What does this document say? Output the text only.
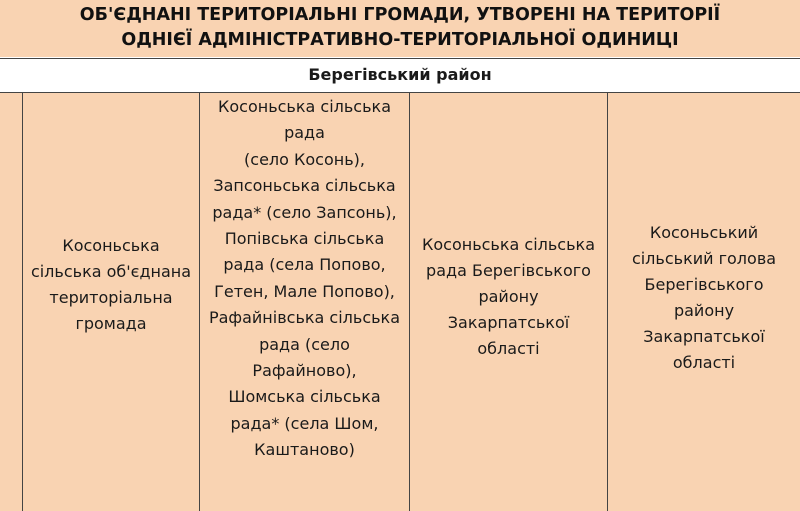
ОБ'ЄДНАНІ ТЕРИТОРІАЛЬНІ ГРОМАДИ, УТВОРЕНІ НА ТЕРИТОРІЇ
ОДНІЄЇ АДМІНІСТРАТИВНО-ТЕРИТОРІАЛЬНОЇ ОДИНИЦІ
Берегівський район
Косоньська сільська об'єднана територіальна громада
Косоньська сільська рада
(село Косонь),
Запсоньська сільська рада* (село Запсонь), Попівська сільська рада (села Попово, Гетен, Мале Попово),
Рафайнівська сільська рада (село Рафайново),
Шомська сільська рада* (села Шом, Каштаново)
Косоньська сільська рада Берегівського району Закарпатської області
Косоньський сільський голова Берегівського району Закарпатської області
